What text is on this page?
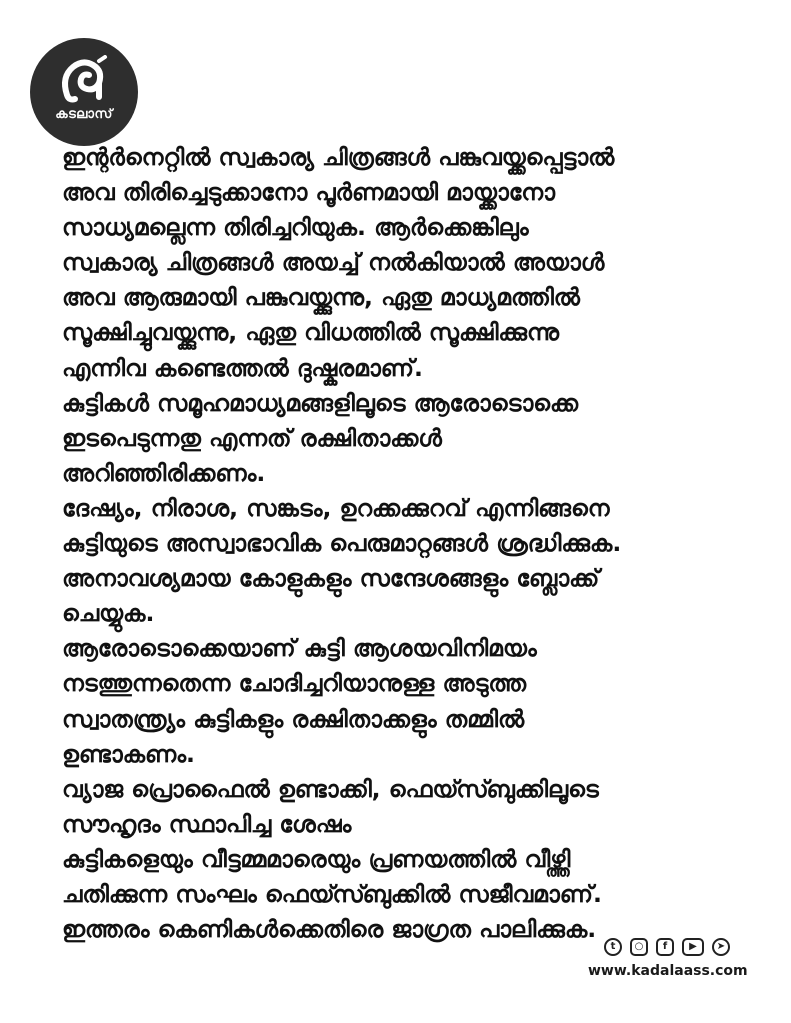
കടലാസ്

ഇന്റർനെറ്റിൽ സ്വകാര്യ ചിത്രങ്ങൾ പങ്കുവയ്ക്കപ്പെട്ടാൽ

അവ തിരിച്ചെടുക്കാനോ പൂർണമായി മായ്ക്കാനോ

സാധ്യമല്ലെന്ന തിരിച്ചറിയുക. ആർക്കെങ്കിലും

സ്വകാര്യ ചിത്രങ്ങൾ അയച്ച് നൽകിയാൽ അയാൾ

അവ ആരുമായി പങ്കുവയ്ക്കുന്നു, ഏതു മാധ്യമത്തിൽ

സൂക്ഷിച്ചുവയ്ക്കുന്നു, ഏതു വിധത്തിൽ സൂക്ഷിക്കുന്നു

എന്നിവ കണ്ടെത്തൽ ദുഷ്കരമാണ്.

കുട്ടികൾ സമൂഹമാധ്യമങ്ങളിലൂടെ ആരോടൊക്കെ

ഇടപെടുന്നതു എന്നത് രക്ഷിതാക്കൾ

അറിഞ്ഞിരിക്കണം.

ദേഷ്യം, നിരാശ, സങ്കടം, ഉറക്കക്കുറവ് എന്നിങ്ങനെ

കുട്ടിയുടെ അസ്വാഭാവിക പെരുമാറ്റങ്ങൾ ശ്രദ്ധിക്കുക.

അനാവശ്യമായ കോളുകളും സന്ദേശങ്ങളും ബ്ലോക്ക്

ചെയ്യുക.

ആരോടൊക്കെയാണ് കുട്ടി ആശയവിനിമയം

നടത്തുന്നതെന്ന ചോദിച്ചറിയാനുള്ള അടുത്ത

സ്വാതന്ത്ര്യം കുട്ടികളും രക്ഷിതാക്കളും തമ്മിൽ

ഉണ്ടാകണം.

വ്യാജ പ്രൊഫൈൽ ഉണ്ടാക്കി, ഫെയ്സ്ബുക്കിലൂടെ

സൗഹൃദം സ്ഥാപിച്ച ശേഷം

കുട്ടികളെയും വീട്ടമ്മമാരെയും പ്രണയത്തിൽ വീഴ്ത്തി

ചതിക്കുന്ന സംഘം ഫെയ്സ്ബുക്കിൽ സജീവമാണ്.

ഇത്തരം കെണികൾക്കെതിരെ ജാഗ്രത പാലിക്കുക.

t	○	f	▶	➤
www.kadalaass.com
